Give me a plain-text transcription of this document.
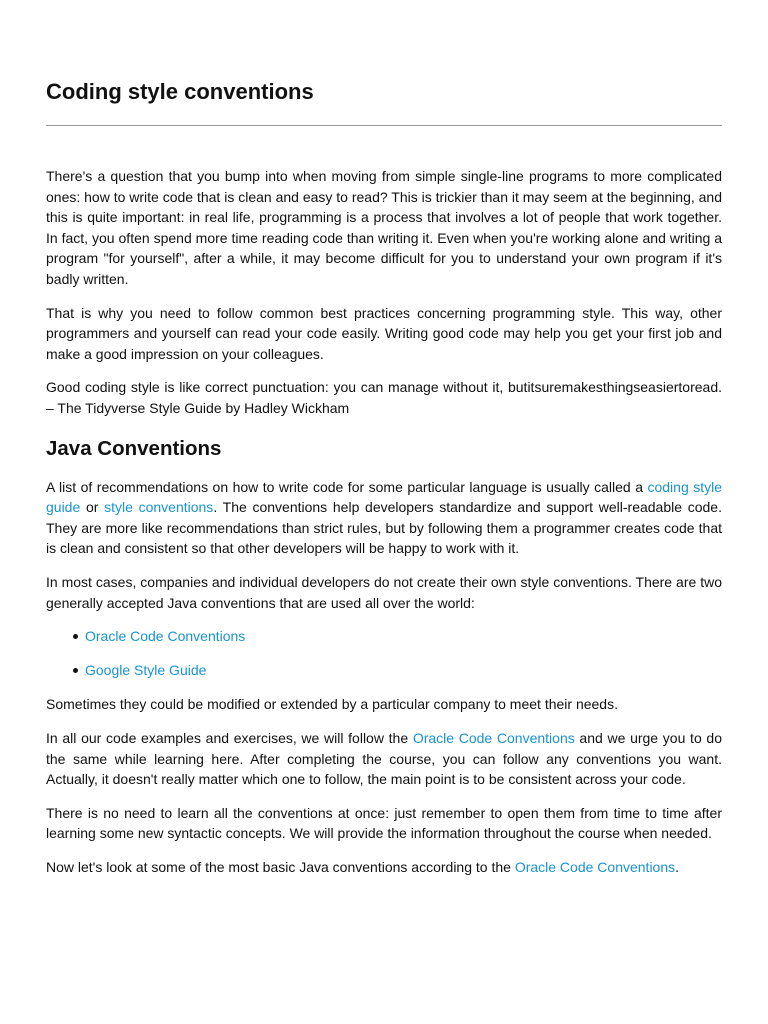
Coding style conventions

There's a question that you bump into when moving from simple single-line programs to more complicated ones: how to write code that is clean and easy to read? This is trickier than it may seem at the beginning, and this is quite important: in real life, programming is a process that involves a lot of people that work together. In fact, you often spend more time reading code than writing it. Even when you're working alone and writing a program "for yourself", after a while, it may become difficult for you to understand your own program if it's badly written.

That is why you need to follow common best practices concerning programming style. This way, other programmers and yourself can read your code easily. Writing good code may help you get your first job and make a good impression on your colleagues.

Good coding style is like correct punctuation: you can manage without it, butitsuremakesthingseasiertoread. – The Tidyverse Style Guide by Hadley Wickham

Java Conventions

A list of recommendations on how to write code for some particular language is usually called a coding style guide or style conventions. The conventions help developers standardize and support well-readable code. They are more like recommendations than strict rules, but by following them a programmer creates code that is clean and consistent so that other developers will be happy to work with it.

In most cases, companies and individual developers do not create their own style conventions. There are two generally accepted Java conventions that are used all over the world:

Oracle Code Conventions
Google Style Guide

Sometimes they could be modified or extended by a particular company to meet their needs.

In all our code examples and exercises, we will follow the Oracle Code Conventions and we urge you to do the same while learning here. After completing the course, you can follow any conventions you want. Actually, it doesn't really matter which one to follow, the main point is to be consistent across your code.

There is no need to learn all the conventions at once: just remember to open them from time to time after learning some new syntactic concepts. We will provide the information throughout the course when needed.

Now let's look at some of the most basic Java conventions according to the Oracle Code Conventions.
